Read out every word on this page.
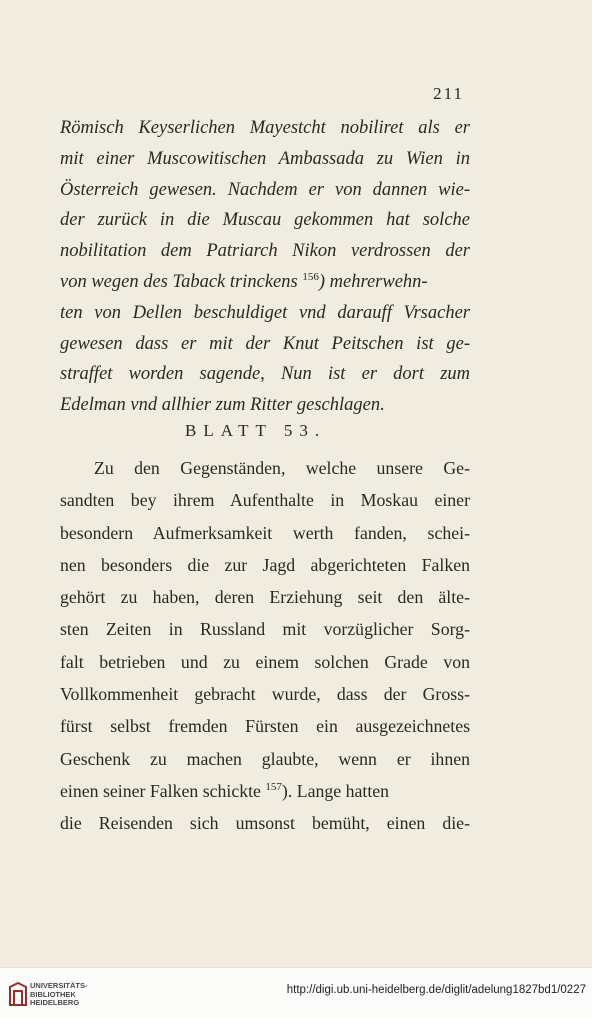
211
Römisch Keyserlichen Mayestcht nobiliret als er
mit einer Muscowitischen Ambassada zu Wien in
Österreich gewesen. Nachdem er von dannen wie-
der zurück in die Muscau gekommen hat solche
nobilitation dem Patriarch Nikon verdrossen der
von wegen des Taback trinckens $^{156}$) mehrerwehn-
ten von Dellen beschuldiget vnd darauff Vrsacher
gewesen dass er mit der Knut Peitschen ist ge-
straffet worden sagende, Nun ist er dort zum
Edelman vnd allhier zum Ritter geschlagen.
BLATT 53.
Zu den Gegenständen, welche unsere Ge-
sandten bey ihrem Aufenthalte in Moskau einer
besondern Aufmerksamkeit werth fanden, schei-
nen besonders die zur Jagd abgerichteten Falken
gehört zu haben, deren Erziehung seit den älte-
sten Zeiten in Russland mit vorzüglicher Sorg-
falt betrieben und zu einem solchen Grade von
Vollkommenheit gebracht wurde, dass der Gross-
fürst selbst fremden Fürsten ein ausgezeichnetes
Geschenk zu machen glaubte, wenn er ihnen
einen seiner Falken schickte $^{157}$). Lange hatten
die Reisenden sich umsonst bemüht, einen die-
UNIVERSITÄTS-
BIBLIOTHEK
HEIDELBERG
http://digi.ub.uni-heidelberg.de/diglit/adelung1827bd1/0227
